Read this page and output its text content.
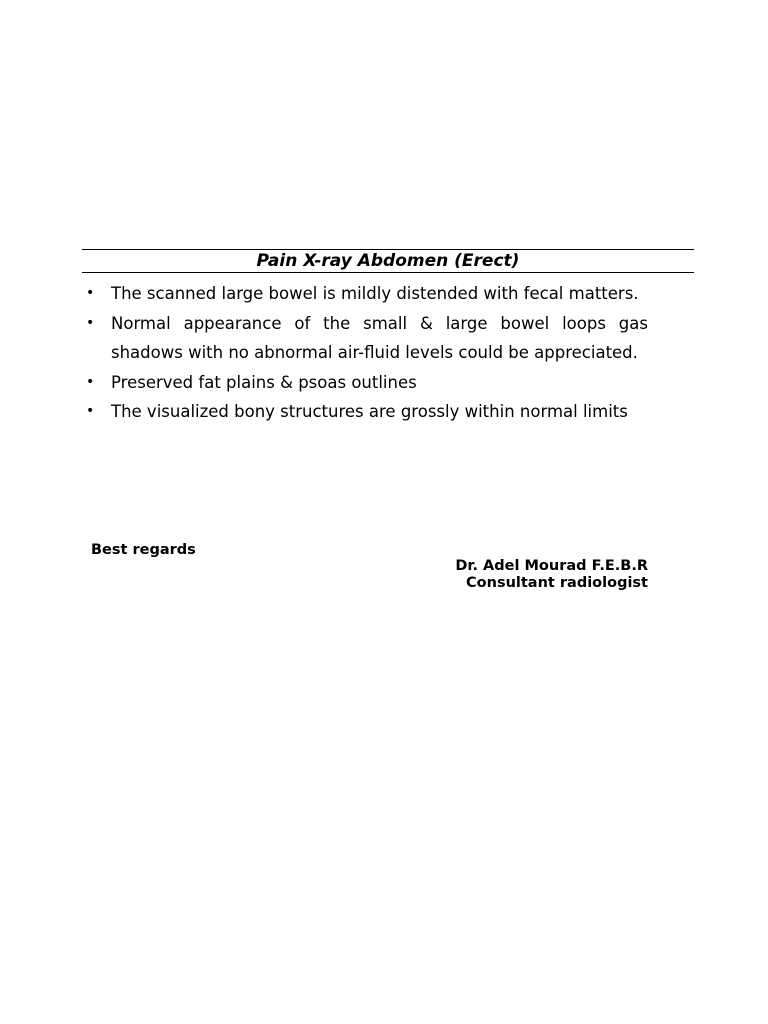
Pain X-ray Abdomen (Erect)
• The scanned large bowel is mildly distended with fecal matters.
• Normal appearance of the small & large bowel loops gas shadows with no abnormal air-fluid levels could be appreciated.
• Preserved fat plains & psoas outlines
• The visualized bony structures are grossly within normal limits
Best regards
Dr. Adel Mourad F.E.B.R
Consultant radiologist
